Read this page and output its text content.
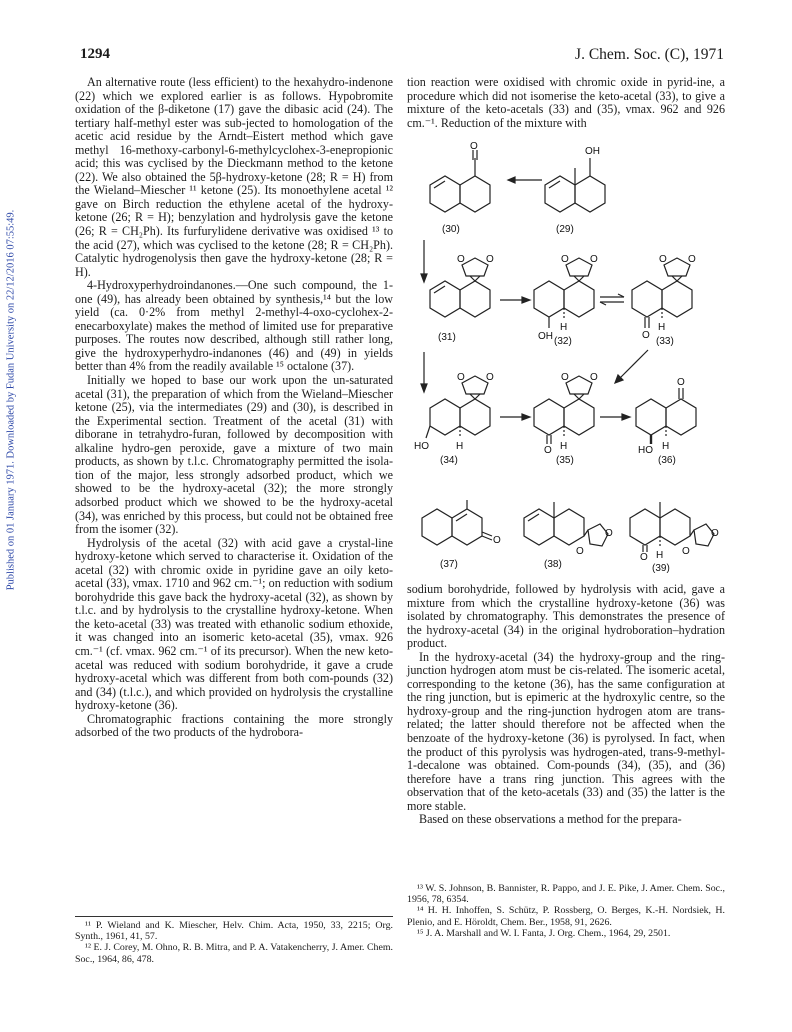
1294	J. Chem. Soc. (C), 1971
Published on 01 January 1971. Downloaded by Fudan University on 22/12/2016 07:55:49.

An alternative route (less efficient) to the hexahydro-indenone (22) which we explored earlier is as follows. Hypobromite oxidation of the β-diketone (17) gave the dibasic acid (24). The tertiary half-methyl ester was sub-jected to homologation of the acetic acid residue by the Arndt–Eistert method which gave methyl 16-methoxy-carbonyl-6-methylcyclohex-3-enepropionic acid; this was cyclised by the Dieckmann method to the ketone (22). We also obtained the 5β-hydroxy-ketone (28; R = H) from the Wieland–Miescher ¹¹ ketone (25). Its monoethylene acetal ¹² gave on Birch reduction the ethylene acetal of the hydroxy-ketone (26; R = H); benzylation and hydrolysis gave the ketone (26; R = CH₂Ph). Its furfurylidene derivative was oxidised ¹³ to the acid (27), which was cyclised to the ketone (28; R = CH₂Ph). Catalytic hydrogenolysis then gave the hydroxy-ketone (28; R = H).

4-Hydroxyperhydroindanones.—One such compound, the 1-one (49), has already been obtained by synthesis,¹⁴ but the low yield (ca. 0·2% from methyl 2-methyl-4-oxo-cyclohex-2-enecarboxylate) makes the method of limited use for preparative purposes. The routes now described, although still rather long, give the hydroxyperhydro-indanones (46) and (49) in yields better than 4% from the readily available ¹⁵ octalone (37).

Initially we hoped to base our work upon the un-saturated acetal (31), the preparation of which from the Wieland–Miescher ketone (25), via the intermediates (29) and (30), is described in the Experimental section. Treatment of the acetal (31) with diborane in tetrahydro-furan, followed by decomposition with alkaline hydro-gen peroxide, gave a mixture of two main products, as shown by t.l.c. Chromatography permitted the isola-tion of the major, less strongly adsorbed product, which we showed to be the hydroxy-acetal (32); the more strongly adsorbed product which we showed to be the hydroxy-acetal (34), was enriched by this process, but could not be obtained free from the isomer (32).

Hydrolysis of the acetal (32) with acid gave a crystal-line hydroxy-ketone which served to characterise it. Oxidation of the acetal (32) with chromic oxide in pyridine gave an oily keto-acetal (33), νmax. 1710 and 962 cm.⁻¹; on reduction with sodium borohydride this gave back the hydroxy-acetal (32), as shown by t.l.c. and by hydrolysis to the crystalline hydroxy-ketone. When the keto-acetal (33) was treated with ethanolic sodium ethoxide, it was changed into an isomeric keto-acetal (35), νmax. 926 cm.⁻¹ (cf. νmax. 962 cm.⁻¹ of its precursor). When the new keto-acetal was reduced with sodium borohydride, it gave a crude hydroxy-acetal which was different from both com-pounds (32) and (34) (t.l.c.), and which provided on hydrolysis the crystalline hydroxy-ketone (36).

Chromatographic fractions containing the more strongly adsorbed of the two products of the hydrobora-

tion reaction were oxidised with chromic oxide in pyrid-ine, a procedure which did not isomerise the keto-acetal (33), to give a mixture of the keto-acetals (33) and (35), νmax. 962 and 926 cm.⁻¹. Reduction of the mixture with

O
(30)
OH
(29)
O O
(31)
O O
H
OH (32)
O O
O
H
(33)
O O
H
HO
(34)
O O
O H
(35)
O
HO H
(36)
O
(37)
O
O
(38)
O
O
O H
(39)

sodium borohydride, followed by hydrolysis with acid, gave a mixture from which the crystalline hydroxy-ketone (36) was isolated by chromatography. This demonstrates the presence of the hydroxy-acetal (34) in the original hydroboration–hydration product.

In the hydroxy-acetal (34) the hydroxy-group and the ring-junction hydrogen atom must be cis-related. The isomeric acetal, corresponding to the ketone (36), has the same configuration at the ring junction, but is epimeric at the hydroxylic centre, so the hydroxy-group and the ring-junction hydrogen atom are trans-related; the latter should therefore not be affected when the benzoate of the hydroxy-ketone (36) is pyrolysed. In fact, when the product of this pyrolysis was hydrogen-ated, trans-9-methyl-1-decalone was obtained. Com-pounds (34), (35), and (36) therefore have a trans ring junction. This agrees with the observation that of the keto-acetals (33) and (35) the latter is the more stable.

Based on these observations a method for the prepara-

¹¹ P. Wieland and K. Miescher, Helv. Chim. Acta, 1950, 33, 2215; Org. Synth., 1961, 41, 57.

¹² E. J. Corey, M. Ohno, R. B. Mitra, and P. A. Vatakencherry, J. Amer. Chem. Soc., 1964, 86, 478.

¹³ W. S. Johnson, B. Bannister, R. Pappo, and J. E. Pike, J. Amer. Chem. Soc., 1956, 78, 6354.

¹⁴ H. H. Inhoffen, S. Schütz, P. Rossberg, O. Berges, K.-H. Nordsiek, H. Plenio, and E. Höroldt, Chem. Ber., 1958, 91, 2626.

¹⁵ J. A. Marshall and W. I. Fanta, J. Org. Chem., 1964, 29, 2501.
